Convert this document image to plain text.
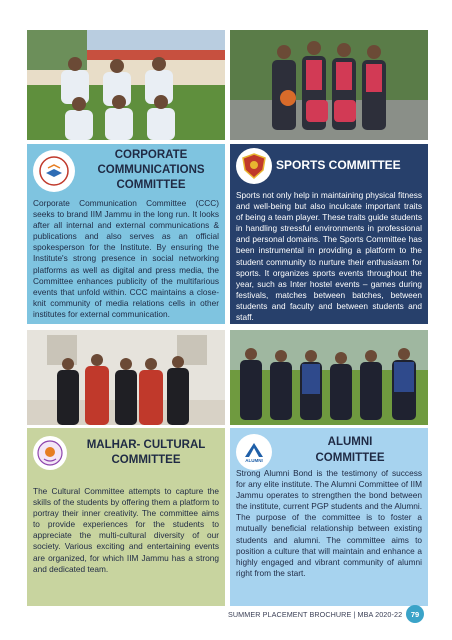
CORPORATE
COMMUNICATIONS
COMMITTEE
Corporate Communication Committee (CCC) seeks to brand IIM Jammu in the long run. It looks after all internal and external communications & publications and also serves as an official spokesperson for the Institute. By ensuring the Institute's strong presence in social networking platforms as well as digital and press media, the Committee enhances publicity of the multifarious events that unfold within. CCC maintains a close-knit community of media relations cells in other institutes for external communication.
SPORTS COMMITTEE
Sports not only help in maintaining physical fitness and well-being but also inculcate important traits of being a team player. These traits guide students in handling stressful environments in professional and personal domains. The Sports Committee has been instrumental in providing a platform to the student community to nurture their enthusiasm for sports. It organizes sports events throughout the year, such as Inter hostel events – games during festivals, matches between batches, between students and faculty and between students and staff.
MALHAR- CULTURAL
COMMITTEE
The Cultural Committee attempts to capture the skills of the students by offering them a platform to portray their inner creativity. The committee aims to provide experiences for the students to appreciate the multi-cultural diversity of our society. Various exciting and entertaining events are organized, for which IIM Jammu has a strong and dedicated team.
ALUMNI
ALUMNI
COMMITTEE
Strong Alumni Bond is the testimony of success for any elite institute. The Alumni Committee of IIM Jammu operates to strengthen the bond between the institute, current PGP students and the Alumni. The purpose of the committee is to foster a mutually beneficial relationship between existing students and alumni. The committee aims to position a culture that will maintain and enhance a highly engaged and vibrant community of alumni right from the start.
SUMMER PLACEMENT BROCHURE | MBA 2020-22	79
